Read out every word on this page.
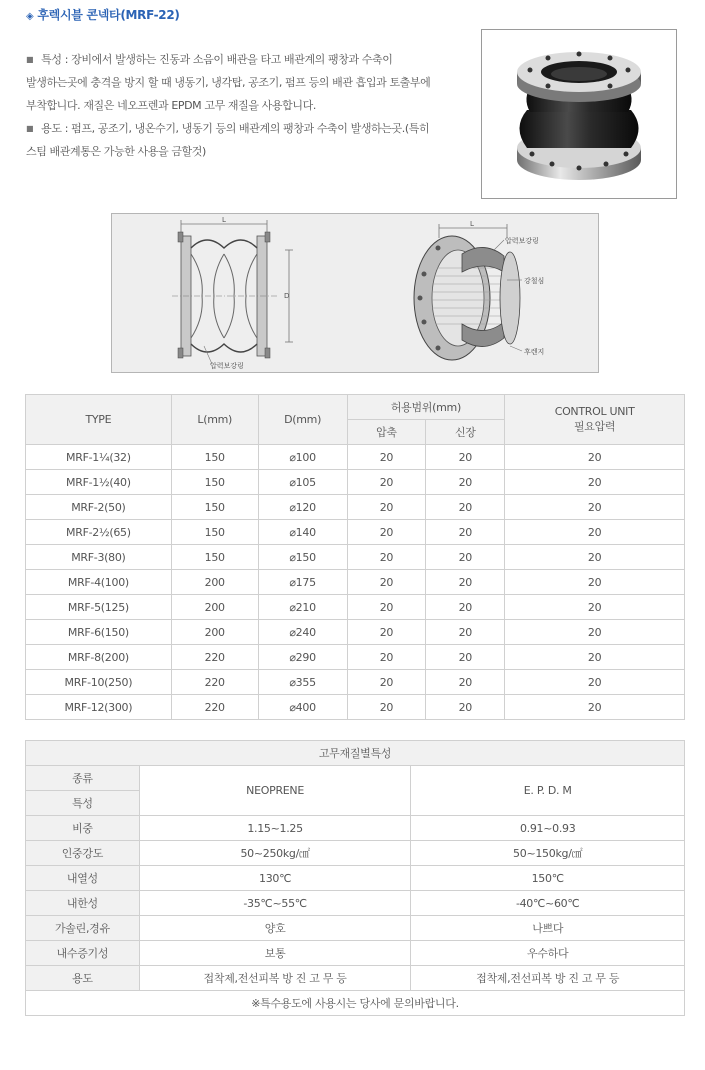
◈ 후렉시블 콘넥타(MRF-22)

■ 특성 : 장비에서 발생하는 진동과 소음이 배관을 타고 배관계의 팽창과 수축이

발생하는곳에 충격을 방지 할 때 냉동기, 냉각탑, 공조기, 펌프 등의 배관 흡입과 토출부에

부착합니다. 재질은 네오프렌과 EPDM 고무 재질을 사용합니다.

■ 용도 : 펌프, 공조기, 냉온수기, 냉동기 등의 배관계의 팽창과 수축이 발생하는곳.(특히

스팀 배관계통은 가능한 사용을 금할것)

L
D
압력보강링
L
압력보강링
강철심
후렌지
TYPE	L(mm)	D(mm)	허용범위(mm)		CONTROL UNIT
필요압력

			압축	신장	
MRF-1¼(32)	150	⌀100	20	20	20
MRF-1½(40)	150	⌀105	20	20	20
MRF-2(50)	150	⌀120	20	20	20
MRF-2½(65)	150	⌀140	20	20	20
MRF-3(80)	150	⌀150	20	20	20
MRF-4(100)	200	⌀175	20	20	20
MRF-5(125)	200	⌀210	20	20	20
MRF-6(150)	200	⌀240	20	20	20
MRF-8(200)	220	⌀290	20	20	20
MRF-10(250)	220	⌀355	20	20	20
MRF-12(300)	220	⌀400	20	20	20
고무재질별특성		
종류	NEOPRENE	E. P. D. M
특성		
비중	1.15~1.25	0.91~0.93
인중강도	50~250kg/㎠	50~150kg/㎠
내열성	130℃	150℃
내한성	-35℃~55℃	-40℃~60℃
가솔린,경유	양호	나쁘다
내수증기성	보통	우수하다
용도	접착제,전선피복 방 진 고 무 등	접착제,전선피복 방 진 고 무 등
※특수용도에 사용시는 당사에 문의바랍니다.		
